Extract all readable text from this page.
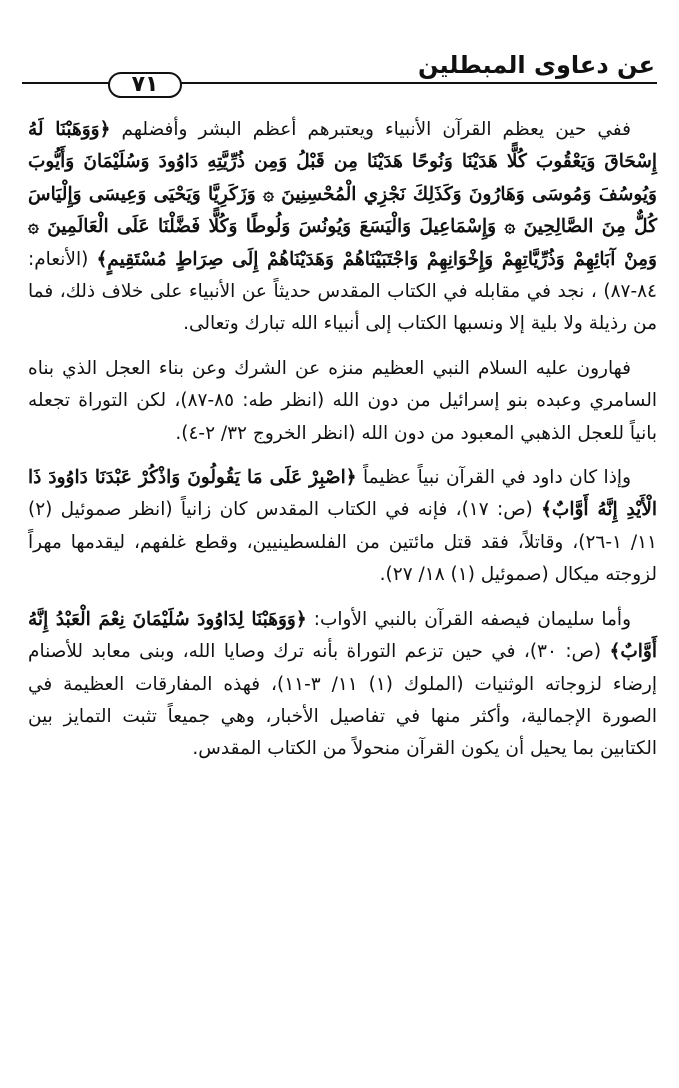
عن دعاوى المبطلين
٧١

ففي حين يعظم القرآن الأنبياء ويعتبرهم أعظم البشر وأفضلهم ﴿وَوَهَبْنَا لَهُ إِسْحَاقَ وَيَعْقُوبَ كُلًّا هَدَيْنَا وَنُوحًا هَدَيْنَا مِن قَبْلُ وَمِن ذُرِّيَّتِهِ دَاوُودَ وَسُلَيْمَانَ وَأَيُّوبَ وَيُوسُفَ وَمُوسَى وَهَارُونَ وَكَذَلِكَ نَجْزِي الْمُحْسِنِينَ ۞ وَزَكَرِيَّا وَيَحْيَى وَعِيسَى وَإِلْيَاسَ كُلٌّ مِنَ الصَّالِحِينَ ۞ وَإِسْمَاعِيلَ وَالْيَسَعَ وَيُونُسَ وَلُوطًا وَكُلًّا فَضَّلْنَا عَلَى الْعَالَمِينَ ۞ وَمِنْ آبَائِهِمْ وَذُرِّيَّاتِهِمْ وَإِخْوَانِهِمْ وَاجْتَبَيْنَاهُمْ وَهَدَيْنَاهُمْ إِلَى صِرَاطٍ مُسْتَقِيمٍ﴾ (الأنعام: ٨٤-٨٧) ، نجد في مقابله في الكتاب المقدس حديثاً عن الأنبياء على خلاف ذلك، فما من رذيلة ولا بلية إلا ونسبها الكتاب إلى أنبياء الله تبارك وتعالى.

فهارون عليه السلام النبي العظيم منزه عن الشرك وعن بناء العجل الذي بناه السامري وعبده بنو إسرائيل من دون الله (انظر طه: ٨٥-٨٧)، لكن التوراة تجعله بانياً للعجل الذهبي المعبود من دون الله (انظر الخروج ٣٢/ ٢-٤).

وإذا كان داود في القرآن نبياً عظيماً ﴿اصْبِرْ عَلَى مَا يَقُولُونَ وَاذْكُرْ عَبْدَنَا دَاوُودَ ذَا الْأَيْدِ إِنَّهُ أَوَّابٌ﴾ (ص: ١٧)، فإنه في الكتاب المقدس كان زانياً (انظر صموئيل (٢) ١١/ ١-٢٦)، وقاتلاً، فقد قتل مائتين من الفلسطينيين، وقطع غلفهم، ليقدمها مهراً لزوجته ميكال (صموئيل (١) ١٨/ ٢٧).

وأما سليمان فيصفه القرآن بالنبي الأواب: ﴿وَوَهَبْنَا لِدَاوُودَ سُلَيْمَانَ نِعْمَ الْعَبْدُ إِنَّهُ أَوَّابٌ﴾ (ص: ٣٠)، في حين تزعم التوراة بأنه ترك وصايا الله، وبنى معابد للأصنام إرضاء لزوجاته الوثنيات (الملوك (١) ١١/ ٣-١١)، فهذه المفارقات العظيمة في الصورة الإجمالية، وأكثر منها في تفاصيل الأخبار، وهي جميعاً تثبت التمايز بين الكتابين بما يحيل أن يكون القرآن منحولاً من الكتاب المقدس.
